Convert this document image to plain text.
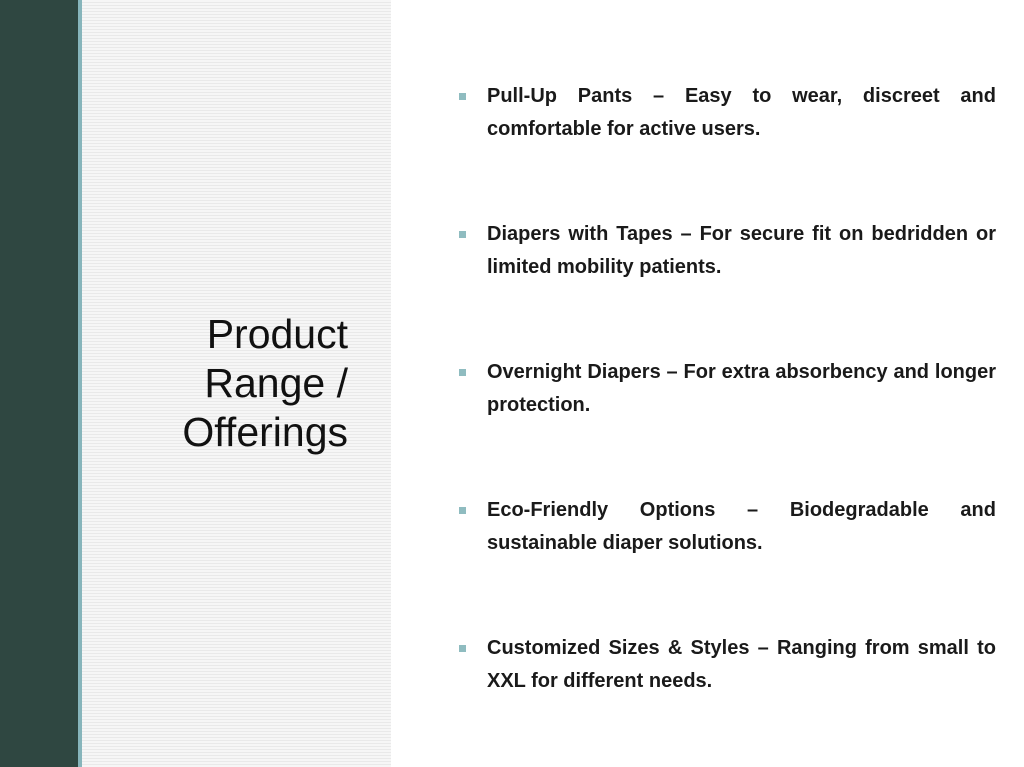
Product
Range /
Offerings
Pull-Up Pants – Easy to wear, discreet and comfortable for active users.
Diapers with Tapes – For secure fit on bedridden or limited mobility patients.
Overnight Diapers – For extra absorbency and longer protection.
Eco-Friendly Options – Biodegradable and sustainable diaper solutions.
Customized Sizes & Styles – Ranging from small to XXL for different needs.
